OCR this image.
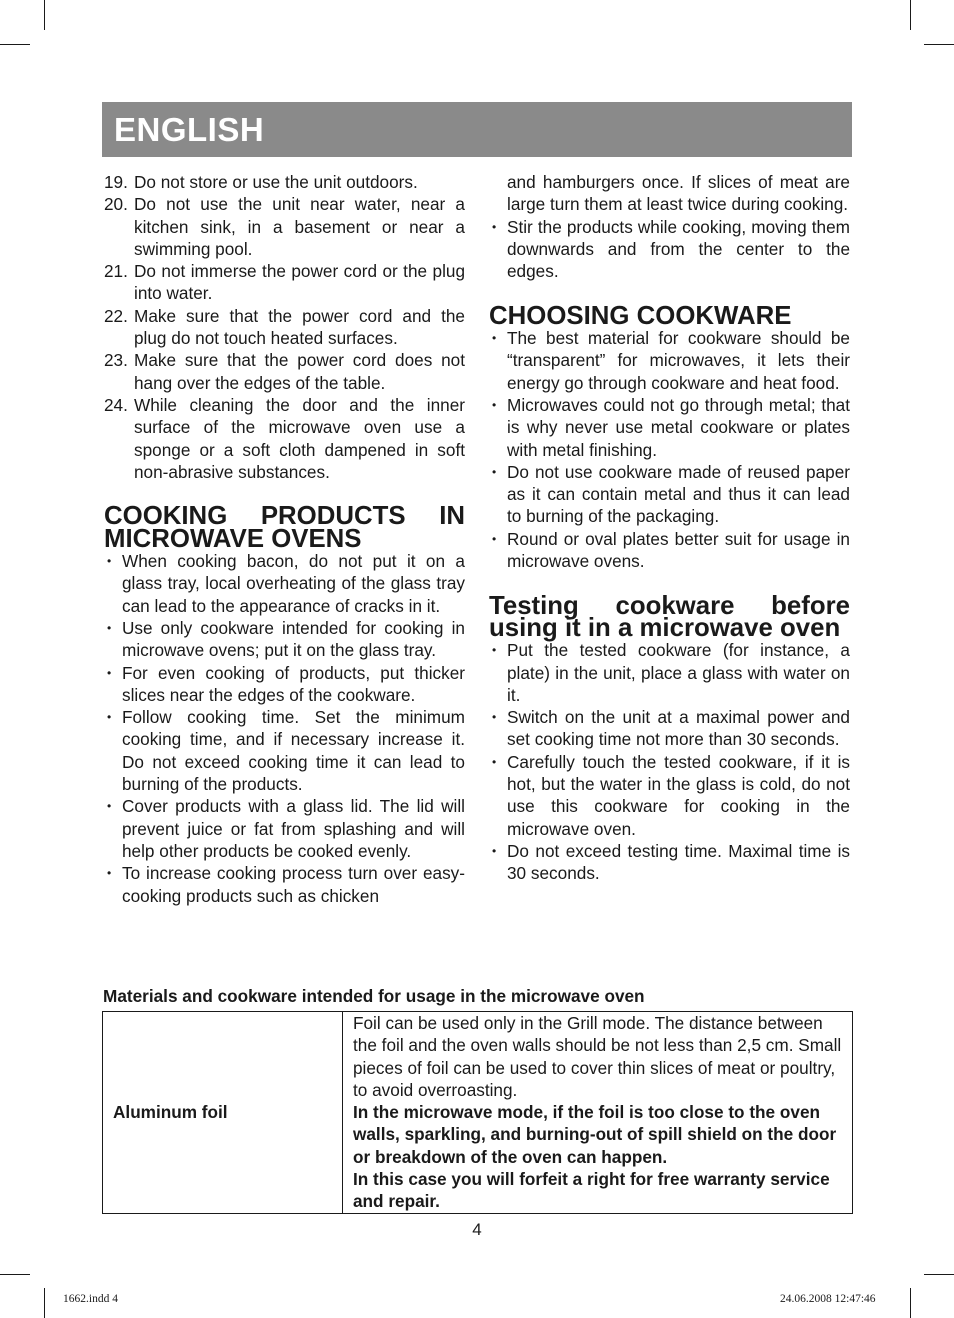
ENGLISH
19. Do not store or use the unit outdoors.
20. Do not use the unit near water, near a kitchen sink, in a basement or near a swimming pool.
21. Do not immerse the power cord or the plug into water.
22. Make sure that the power cord and the plug do not touch heated surfaces.
23. Make sure that the power cord does not hang over the edges of the table.
24. While cleaning the door and the inner surface of the microwave oven use a sponge or a soft cloth dampened in soft non-abrasive substances.
COOKING PRODUCTS IN MICROWAVE OVENS
• When cooking bacon, do not put it on a glass tray, local overheating of the glass tray can lead to the appearance of cracks in it.
• Use only cookware intended for cooking in microwave ovens; put it on the glass tray.
• For even cooking of products, put thicker slices near the edges of the cookware.
• Follow cooking time. Set the minimum cooking time, and if necessary increase it. Do not exceed cooking time it can lead to burning of the products.
• Cover products with a glass lid. The lid will prevent juice or fat from splashing and will help other products be cooked evenly.
• To increase cooking process turn over easy-cooking products such as chicken

and hamburgers once. If slices of meat are large turn them at least twice during cooking.

• Stir the products while cooking, moving them downwards and from the center to the edges.
CHOOSING COOKWARE
• The best material for cookware should be “transparent” for microwaves, it lets their energy go through cookware and heat food.
• Microwaves could not go through metal; that is why never use metal cookware or plates with metal finishing.
• Do not use cookware made of reused paper as it can contain metal and thus it can lead to burning of the packaging.
• Round or oval plates better suit for usage in microwave ovens.
Testing cookware before using it in a microwave oven
• Put the tested cookware (for instance, a plate) in the unit, place a glass with water on it.
• Switch on the unit at a maximal power and set cooking time not more than 30 seconds.
• Carefully touch the tested cookware, if it is hot, but the water in the glass is cold, do not use this cookware for cooking in the microwave oven.
• Do not exceed testing time. Maximal time is 30 seconds.
Materials and cookware intended for usage in the microwave oven
Aluminum foil	Foil can be used only in the Grill mode. The distance between the foil and the oven walls should be not less than 2,5 cm. Small pieces of foil can be used to cover thin slices of meat or poultry, to avoid overroasting.
In the microwave mode, if the foil is too close to the oven walls, sparkling, and burning-out of spill shield on the door or breakdown of the oven can happen.
In this case you will forfeit a right for free warranty service and repair.
4
1662.indd 4	24.06.2008 12:47:46
